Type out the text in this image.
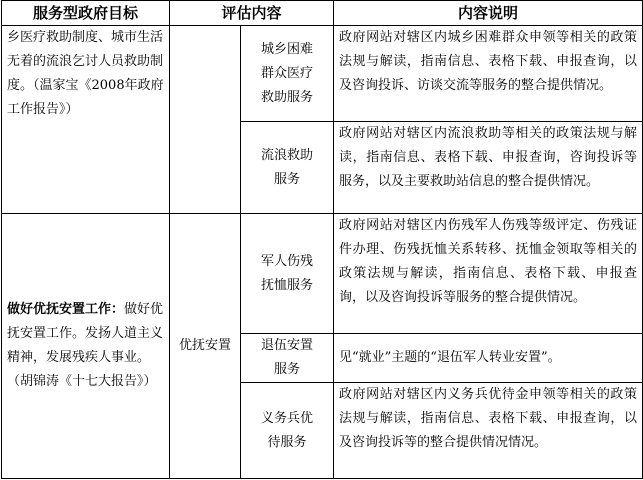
服务型政府目标	评估内容		内容说明
乡医疗救助制度、城市生活无着的流浪乞讨人员救助制度。（温家宝《2008年政府工作报告》）		城乡困难群众医疗救助服务	政府网站对辖区内城乡困难群众申领等相关的政策法规与解读，指南信息、表格下载、申报查询，以及咨询投诉、访谈交流等服务的整合提供情况。
		流浪救助服务	政府网站对辖区内流浪救助等相关的政策法规与解读，指南信息、表格下载、申报查询，咨询投诉等服务，以及主要救助站信息的整合提供情况。
做好优抚安置工作：做好优抚安置工作。发扬人道主义精神，发展残疾人事业。（胡锦涛《十七大报告》）	优抚安置	军人伤残抚恤服务	政府网站对辖区内伤残军人伤残等级评定、伤残证件办理、伤残抚恤关系转移、抚恤金领取等相关的政策法规与解读，指南信息、表格下载、申报查询，以及咨询投诉等服务的整合提供情况。
		退伍安置服务	见“就业”主题的“退伍军人转业安置”。
		义务兵优待服务	政府网站对辖区内义务兵优待金申领等相关的政策法规与解读，指南信息、表格下载、申报查询，以及咨询投诉等的整合提供情况情况。
